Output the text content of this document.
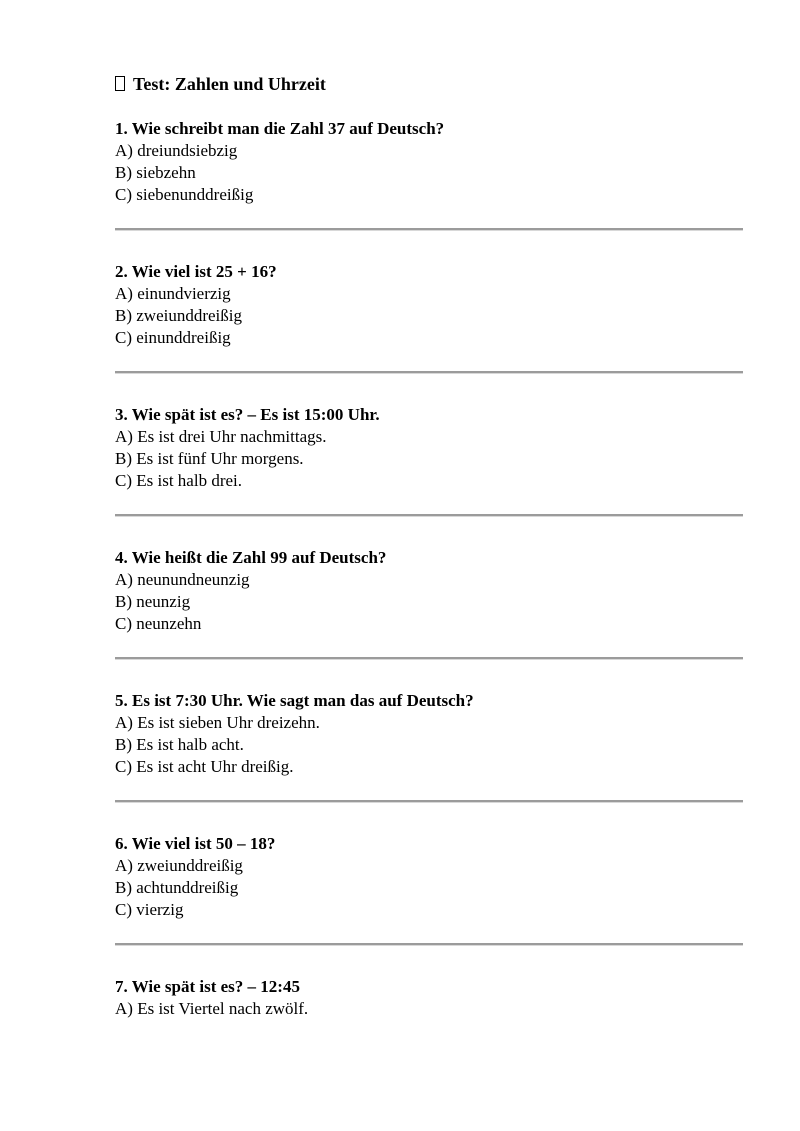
Test: Zahlen und Uhrzeit
1. Wie schreibt man die Zahl 37 auf Deutsch?
A) dreiundsiebzig
B) siebzehn
C) siebenunddreißig
2. Wie viel ist 25 + 16?
A) einundvierzig
B) zweiunddreißig
C) einunddreißig
3. Wie spät ist es? – Es ist 15:00 Uhr.
A) Es ist drei Uhr nachmittags.
B) Es ist fünf Uhr morgens.
C) Es ist halb drei.
4. Wie heißt die Zahl 99 auf Deutsch?
A) neunundneunzig
B) neunzig
C) neunzehn
5. Es ist 7:30 Uhr. Wie sagt man das auf Deutsch?
A) Es ist sieben Uhr dreizehn.
B) Es ist halb acht.
C) Es ist acht Uhr dreißig.
6. Wie viel ist 50 – 18?
A) zweiunddreißig
B) achtunddreißig
C) vierzig
7. Wie spät ist es? – 12:45
A) Es ist Viertel nach zwölf.
